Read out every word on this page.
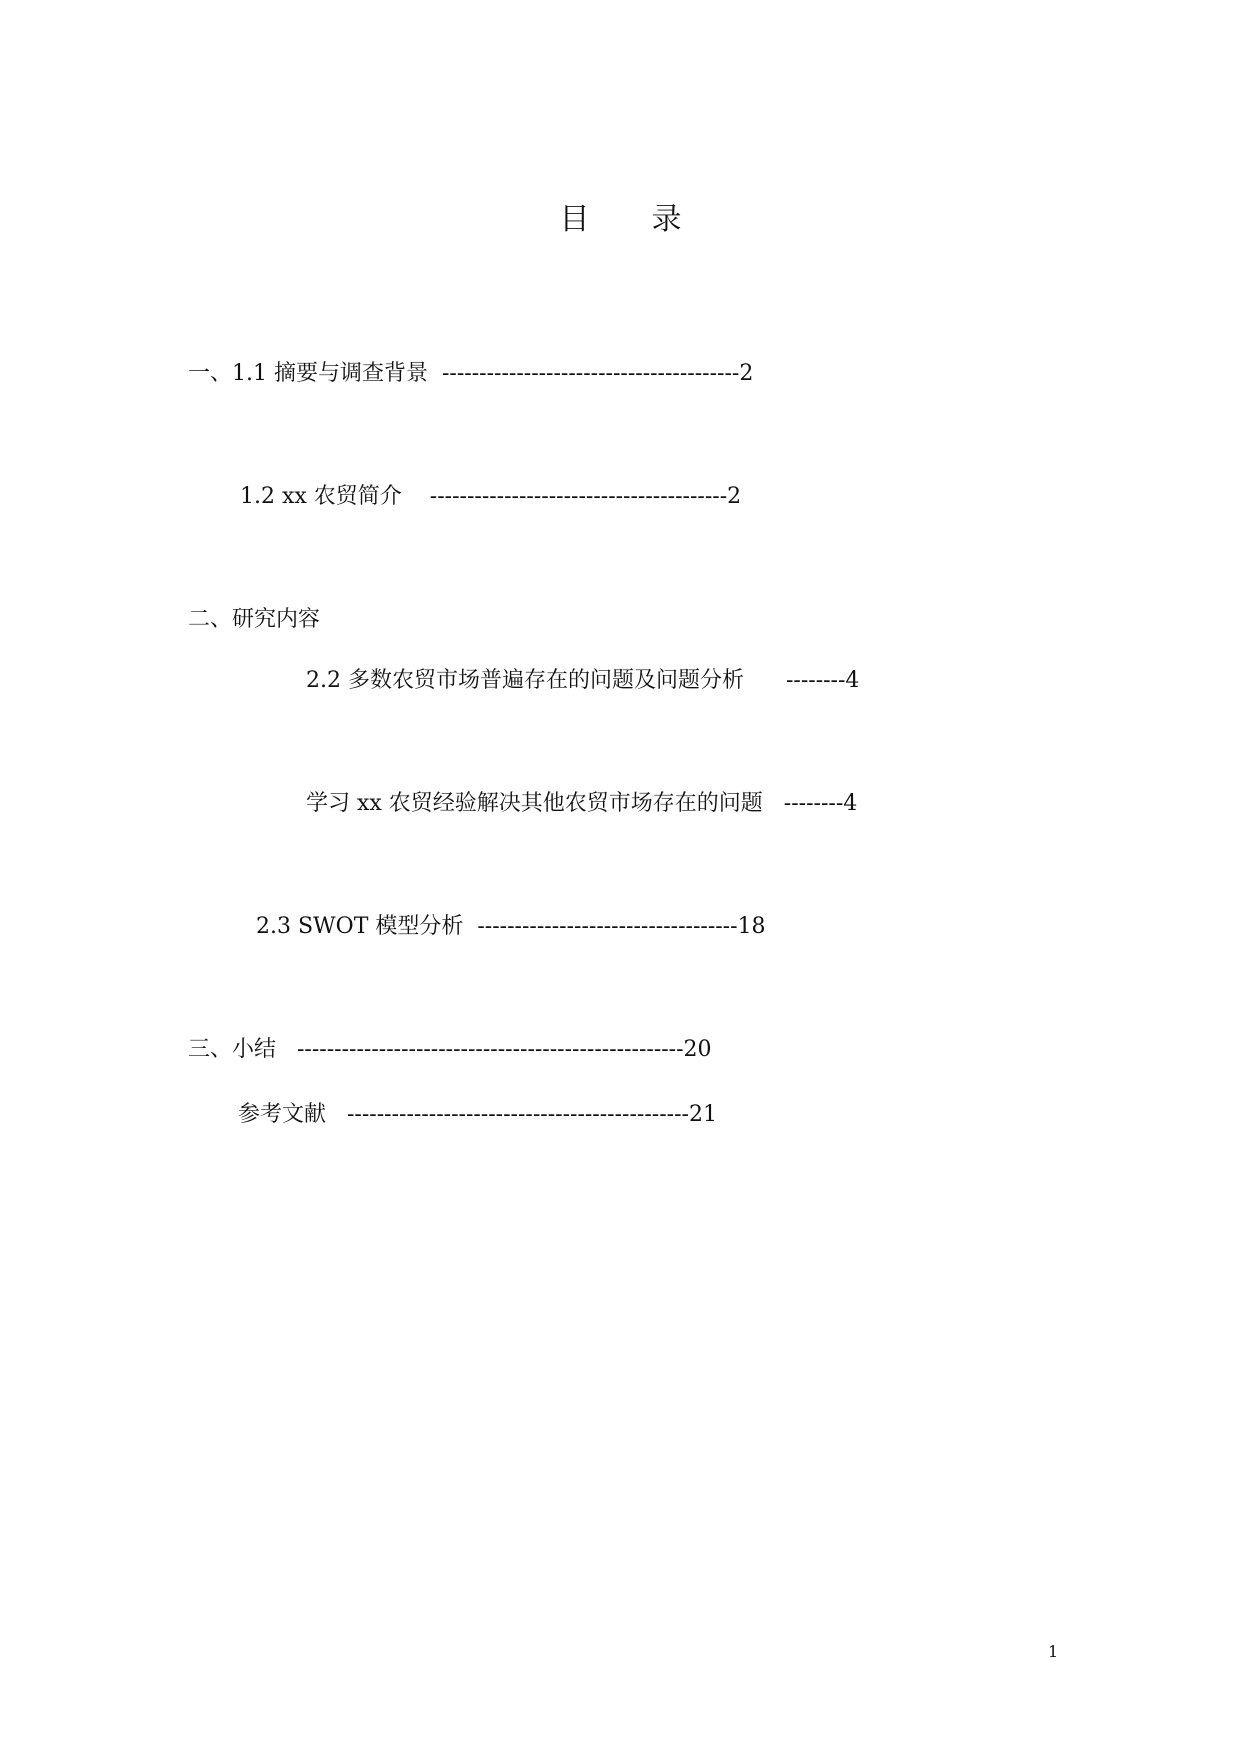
目 录
一、1.1 摘要与调查背景 ----------------------------------------2
1.2 xx 农贸简介 ----------------------------------------2
二、研究内容
2.2 多数农贸市场普遍存在的问题及问题分析 --------4
学习 xx 农贸经验解决其他农贸市场存在的问题 --------4
2.3 SWOT 模型分析 -----------------------------------18
三、小结 ----------------------------------------------------20
参考文献 ----------------------------------------------21
1
